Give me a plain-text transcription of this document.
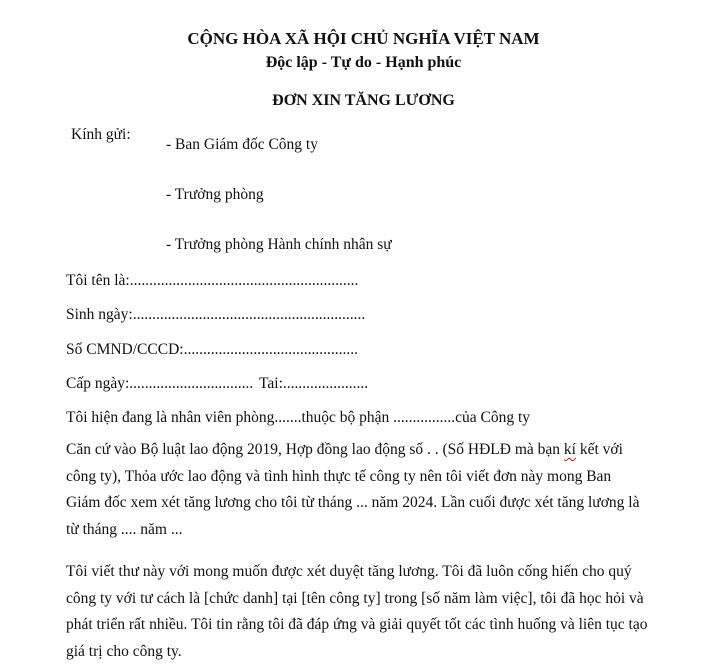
CỘNG HÒA XÃ HỘI CHỦ NGHĨA VIỆT NAM
Độc lập - Tự do - Hạnh phúc
ĐƠN XIN TĂNG LƯƠNG
Kính gửi:
- Ban Giám đốc Công ty
- Trưởng phòng
- Trưởng phòng Hành chính nhân sự
Tôi tên là:...........................................................
Sinh ngày:............................................................
Số CMND/CCCD:.............................................
Cấp ngày:................................ Tai:......................
Tôi hiện đang là nhân viên phòng.......thuộc bộ phận ................của Công ty
Căn cứ vào Bộ luật lao động 2019, Hợp đồng lao động số . . (Số HĐLĐ mà bạn kí kết với
công ty), Thỏa ước lao động và tình hình thực tế công ty nên tôi viết đơn này mong Ban
Giám đốc xem xét tăng lương cho tôi từ tháng ... năm 2024. Lần cuối được xét tăng lương là
từ tháng .... năm ...
Tôi viết thư này với mong muốn được xét duyệt tăng lương. Tôi đã luôn cống hiến cho quý
công ty với tư cách là [chức danh] tại [tên công ty] trong [số năm làm việc], tôi đã học hỏi và
phát triển rất nhiều. Tôi tin rằng tôi đã đáp ứng và giải quyết tốt các tình huống và liên tục tạo
giá trị cho công ty.
